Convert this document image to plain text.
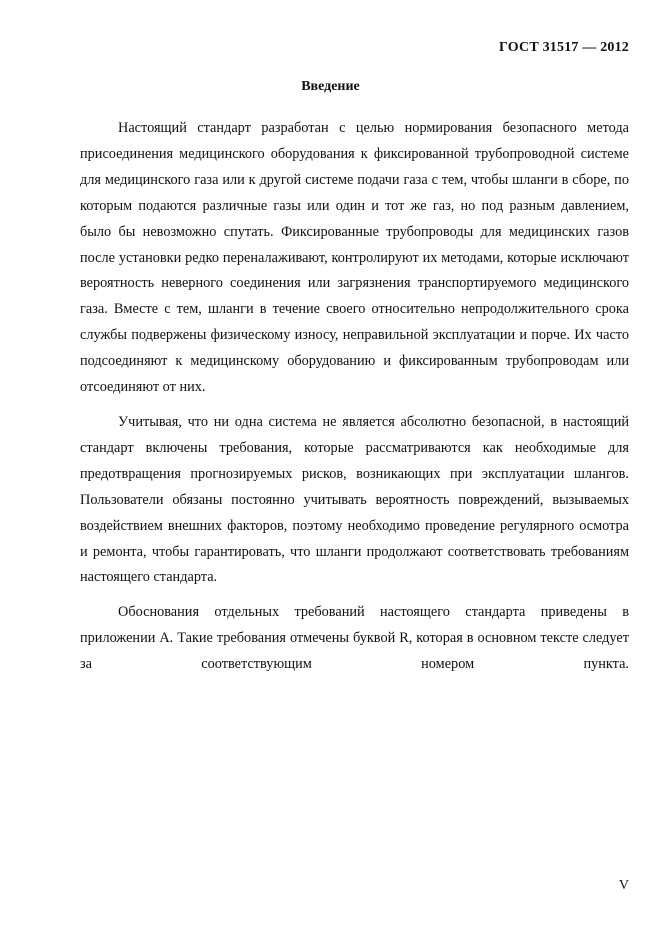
ГОСТ 31517 — 2012
Введение

Настоящий стандарт разработан с целью нормирования безопасного метода присоединения медицинского оборудования к фиксированной трубопроводной системе для медицинского газа или к другой системе подачи газа с тем, чтобы шланги в сборе, по которым подаются различные газы или один и тот же газ, но под разным давлением, было бы невозможно спутать. Фиксированные трубопроводы для медицинских газов после установки редко переналаживают, контролируют их методами, которые исключают вероятность неверного соединения или загрязнения транспортируемого медицинского газа. Вместе с тем, шланги в течение своего относительно непродолжительного срока службы подвержены физическому износу, неправильной эксплуатации и порче. Их часто подсоединяют к медицинскому оборудованию и фиксированным трубопроводам или отсоединяют от них.

Учитывая, что ни одна система не является абсолютно безопасной, в настоящий стандарт включены требования, которые рассматриваются как необходимые для предотвращения прогнозируемых рисков, возникающих при эксплуатации шлангов. Пользователи обязаны постоянно учитывать вероятность повреждений, вызываемых воздействием внешних факторов, поэтому необходимо проведение регулярного осмотра и ремонта, чтобы гарантировать, что шланги продолжают соответствовать требованиям настоящего стандарта.

Обоснования отдельных требований настоящего стандарта приведены в приложении А. Такие требования отмечены буквой R, которая в основном тексте следует за соответствующим номером пункта.

V
